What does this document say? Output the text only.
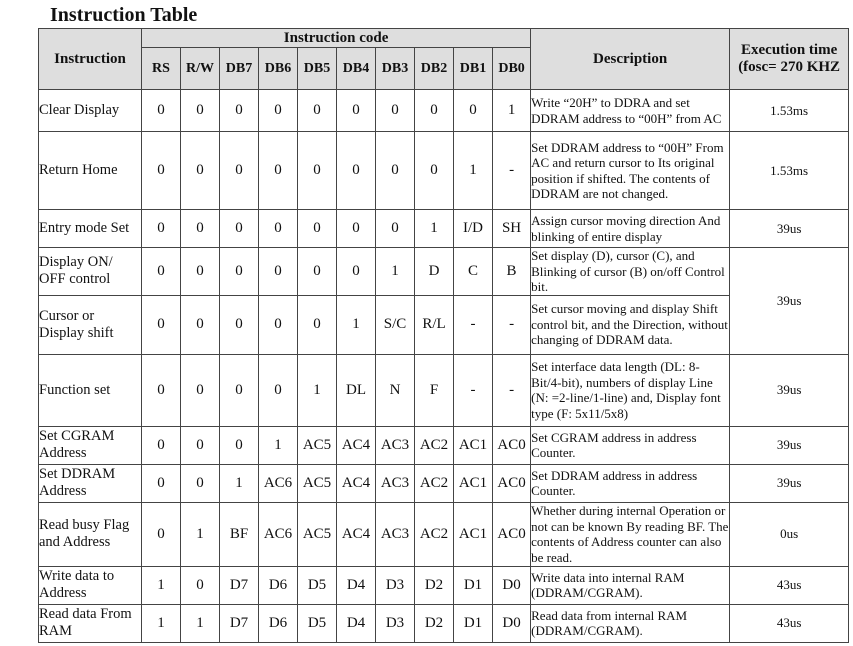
Instruction Table
Instruction	Instruction code										Description	Execution time (fosc= 270 KHZ
	RS	R/W	DB7	DB6	DB5	DB4	DB3	DB2	DB1	DB0		
Clear Display	0	0	0	0	0	0	0	0	0	1	Write “20H” to DDRA and set DDRAM address to “00H” from AC	1.53ms
Return Home	0	0	0	0	0	0	0	0	1	-	Set DDRAM address to “00H” From AC and return cursor to Its original position if shifted. The contents of DDRAM are not changed.	1.53ms
Entry mode Set	0	0	0	0	0	0	0	1	I/D	SH	Assign cursor moving direction And blinking of entire display	39us
Display ON/ OFF control	0	0	0	0	0	0	1	D	C	B	Set display (D), cursor (C), and Blinking of cursor (B) on/off Control bit.	39us
Cursor or Display shift	0	0	0	0	0	1	S/C	R/L	-	-	Set cursor moving and display Shift control bit, and the Direction, without changing of DDRAM data.	
Function set	0	0	0	0	1	DL	N	F	-	-	Set interface data length (DL: 8-Bit/4-bit), numbers of display Line (N: =2-line/1-line) and, Display font type (F: 5x11/5x8)	39us
Set CGRAM Address	0	0	0	1	AC5	AC4	AC3	AC2	AC1	AC0	Set CGRAM address in address Counter.	39us
Set DDRAM Address	0	0	1	AC6	AC5	AC4	AC3	AC2	AC1	AC0	Set DDRAM address in address Counter.	39us
Read busy Flag and Address	0	1	BF	AC6	AC5	AC4	AC3	AC2	AC1	AC0	Whether during internal Operation or not can be known By reading BF. The contents of Address counter can also be read.	0us
Write data to Address	1	0	D7	D6	D5	D4	D3	D2	D1	D0	Write data into internal RAM (DDRAM/CGRAM).	43us
Read data From RAM	1	1	D7	D6	D5	D4	D3	D2	D1	D0	Read data from internal RAM (DDRAM/CGRAM).	43us
